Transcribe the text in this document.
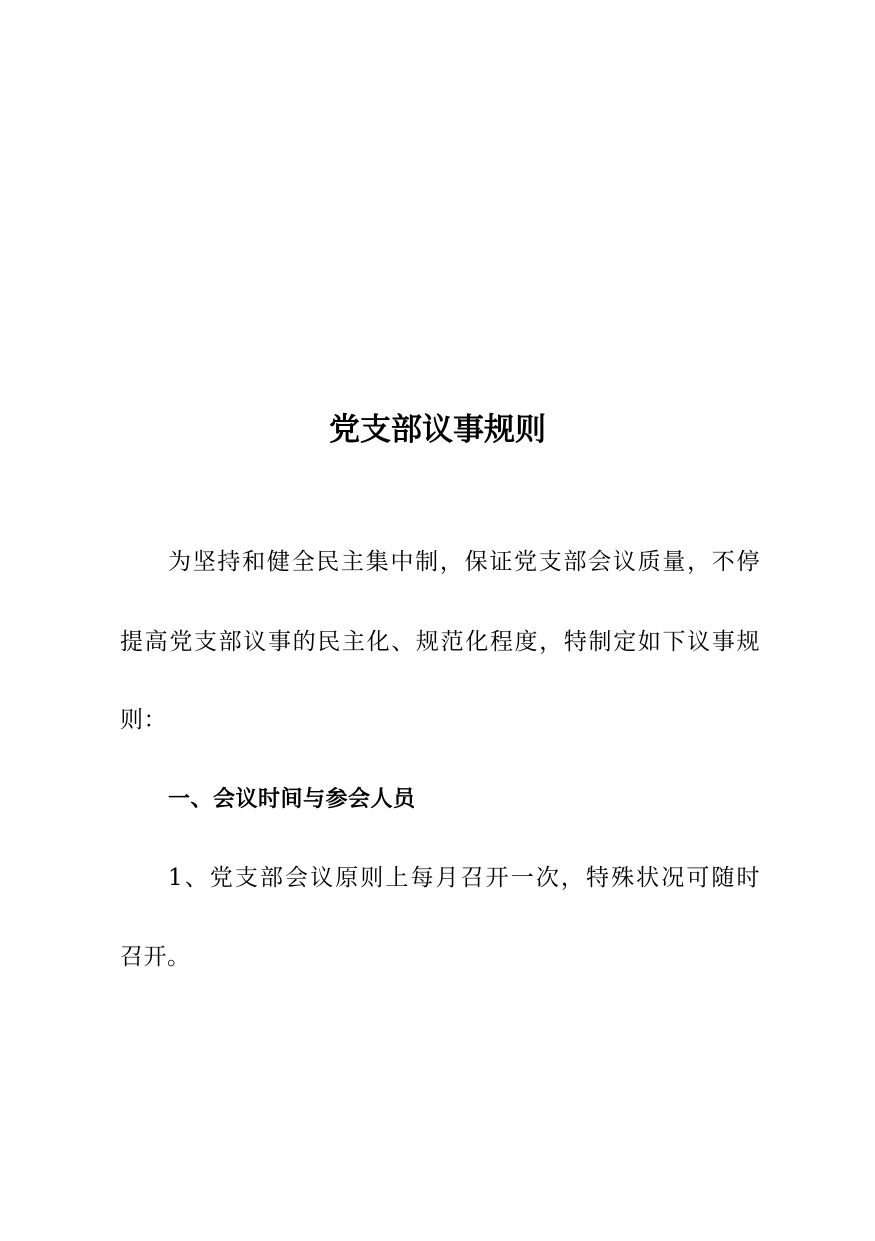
党支部议事规则
为坚持和健全民主集中制，保证党支部会议质量，不停
提高党支部议事的民主化、规范化程度，特制定如下议事规
则：
一、会议时间与参会人员
1、党支部会议原则上每月召开一次，特殊状况可随时
召开。
